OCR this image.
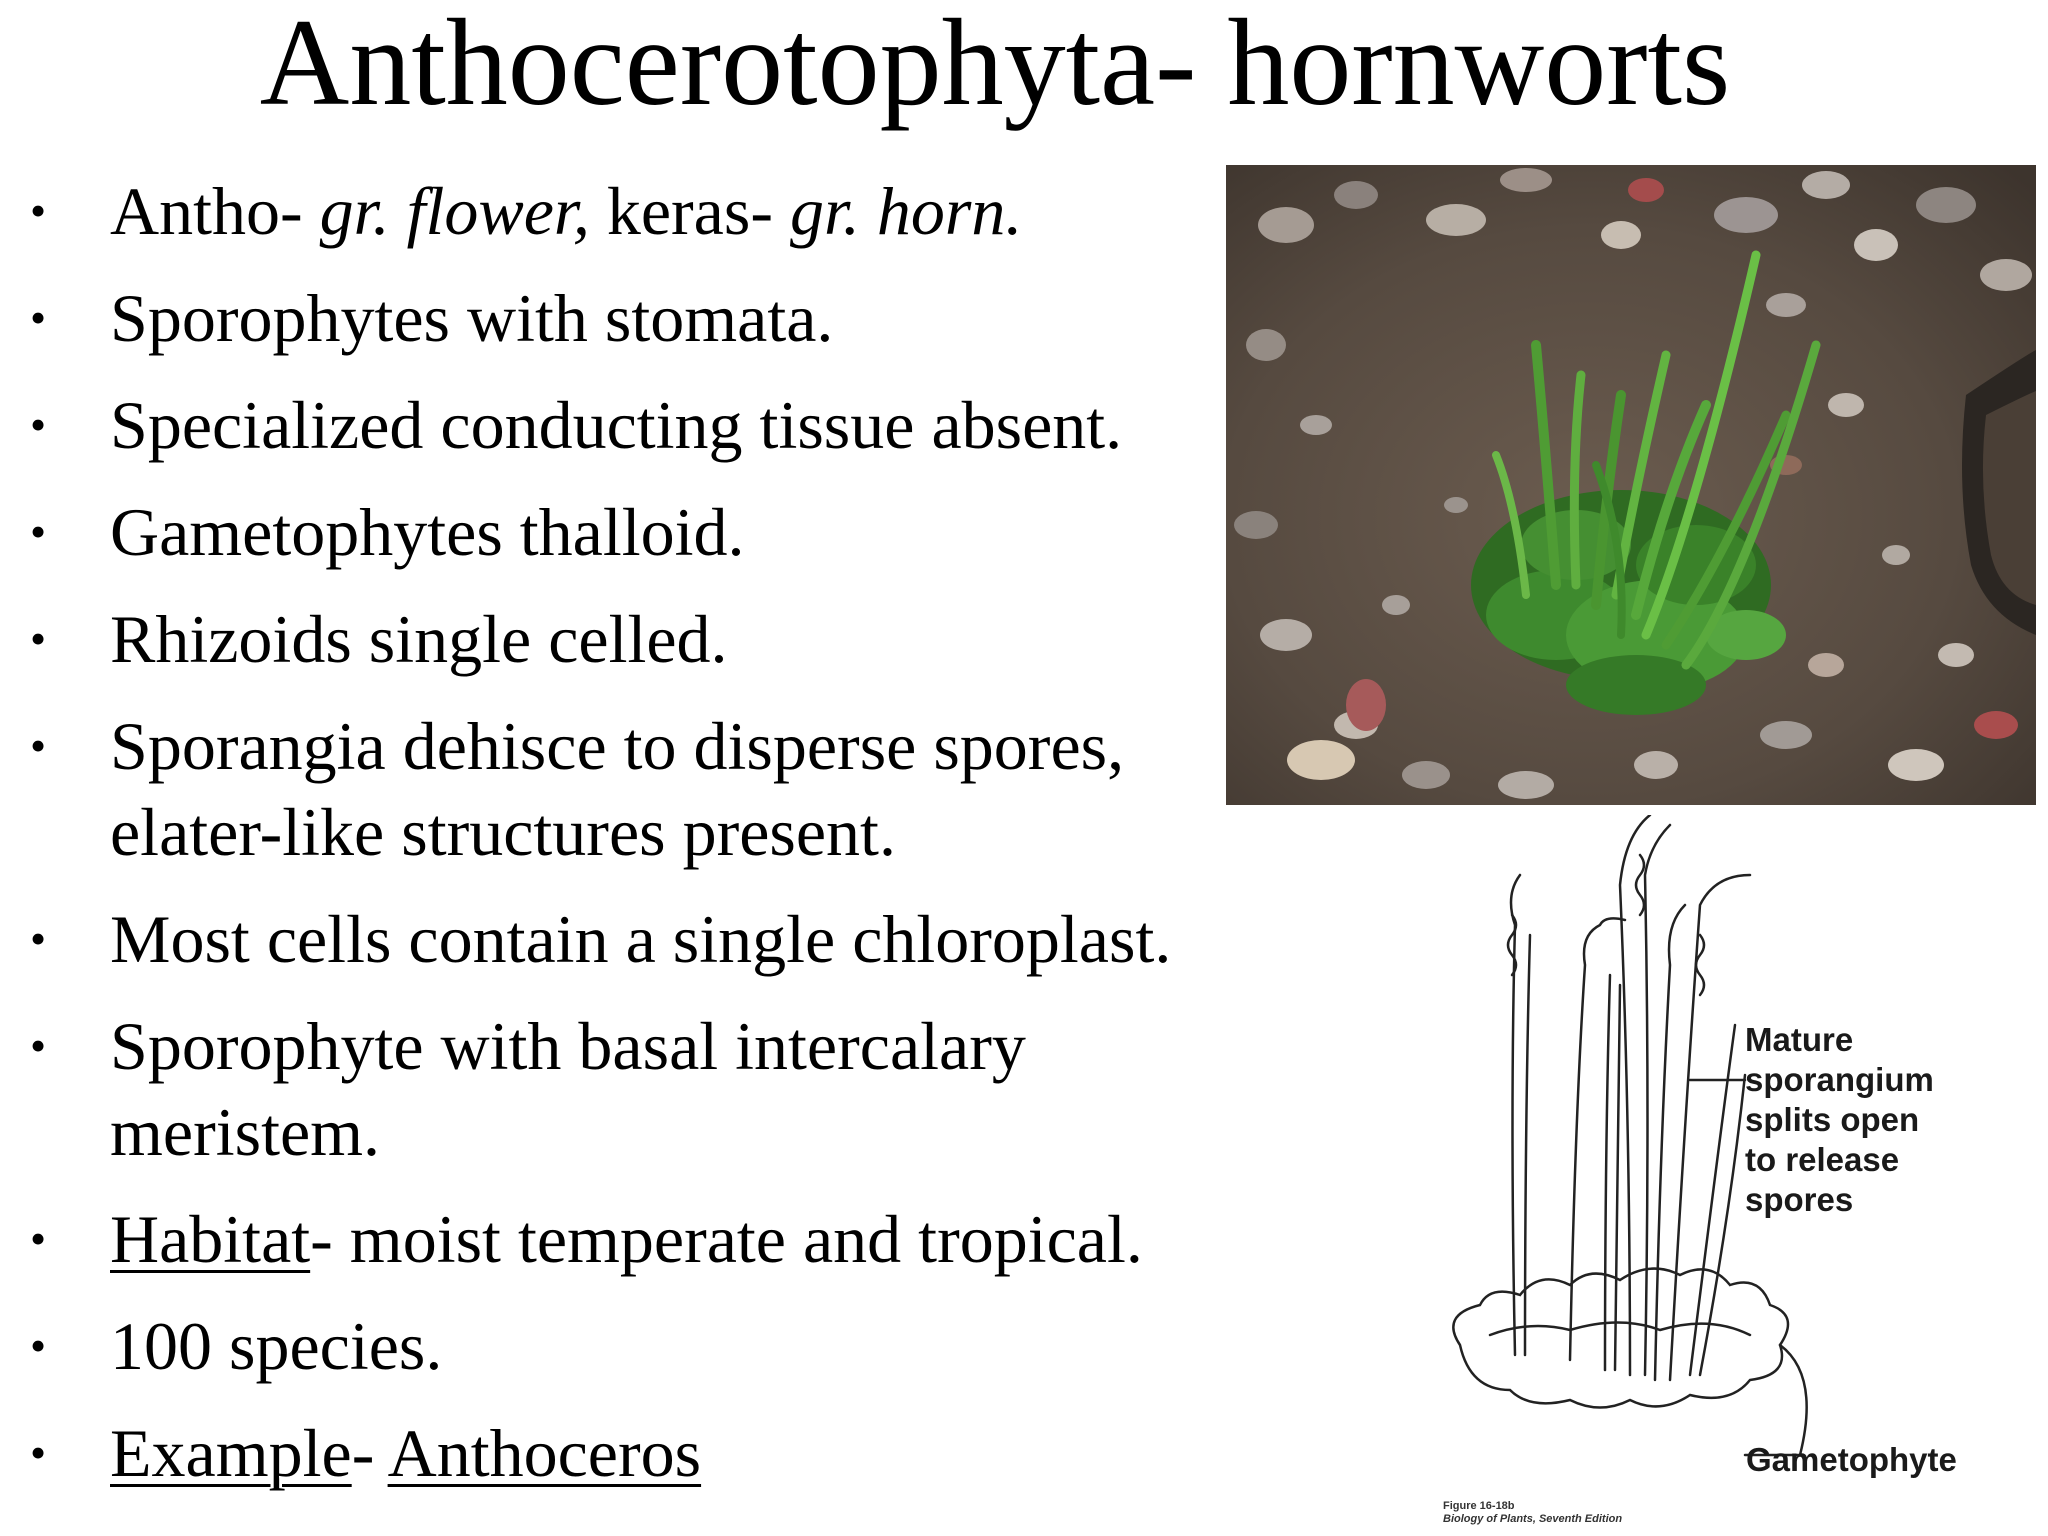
Anthocerotophyta- hornworts
• Antho- gr. flower, keras- gr. horn.
• Sporophytes with stomata.
• Specialized conducting tissue absent.
• Gametophytes thalloid.
• Rhizoids single celled.
• Sporangia dehisce to disperse spores,
elater-like structures present.
• Most cells contain a single chloroplast.
• Sporophyte with basal intercalary
meristem.
• Habitat- moist temperate and tropical.
• 100 species.
• Example- Anthoceros
Mature
sporangium
splits open
to release
spores
Gametophyte
Figure 16-18b
Biology of Plants, Seventh Edition
